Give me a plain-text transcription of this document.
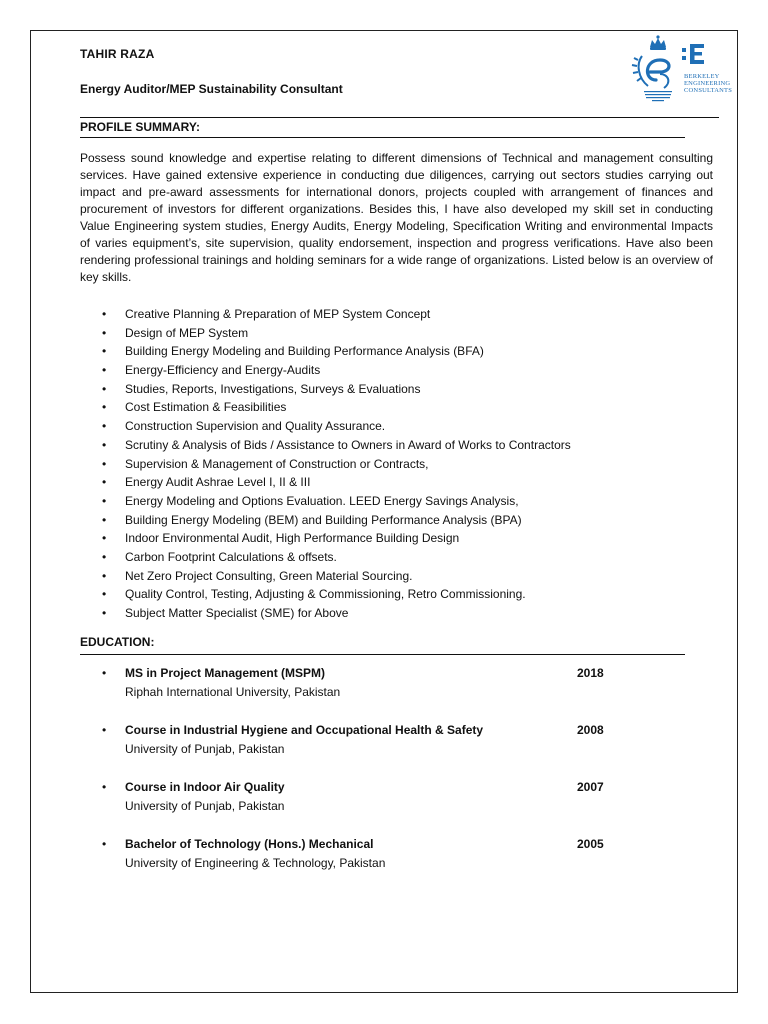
TAHIR RAZA
Energy Auditor/MEP Sustainability Consultant
BERKELEY
ENGINEERING
CONSULTANTS
PROFILE SUMMARY:
Possess sound knowledge and expertise relating to different dimensions of Technical and management consulting services. Have gained extensive experience in conducting due diligences, carrying out sectors studies carrying out impact and pre-award assessments for international donors, projects coupled with arrangement of finances and procurement of investors for different organizations. Besides this, I have also developed my skill set in conducting Value Engineering system studies, Energy Audits, Energy Modeling, Specification Writing and environmental Impacts of varies equipment’s, site supervision, quality endorsement, inspection and progress verifications. Have also been rendering professional trainings and holding seminars for a wide range of organizations. Listed below is an overview of key skills.
• Creative Planning & Preparation of MEP System Concept
• Design of MEP System
• Building Energy Modeling and Building Performance Analysis (BFA)
• Energy-Efficiency and Energy-Audits
• Studies, Reports, Investigations, Surveys & Evaluations
• Cost Estimation & Feasibilities
• Construction Supervision and Quality Assurance.
• Scrutiny & Analysis of Bids / Assistance to Owners in Award of Works to Contractors
• Supervision & Management of Construction or Contracts,
• Energy Audit Ashrae Level I, II & III
• Energy Modeling and Options Evaluation. LEED Energy Savings Analysis,
• Building Energy Modeling (BEM) and Building Performance Analysis (BPA)
• Indoor Environmental Audit, High Performance Building Design
• Carbon Footprint Calculations & offsets.
• Net Zero Project Consulting, Green Material Sourcing.
• Quality Control, Testing, Adjusting & Commissioning, Retro Commissioning.
• Subject Matter Specialist (SME) for Above
EDUCATION:
• MS in Project Management (MSPM)	2018
Riphah International University, Pakistan
• Course in Industrial Hygiene and Occupational Health & Safety	2008
University of Punjab, Pakistan
• Course in Indoor Air Quality	2007
University of Punjab, Pakistan
• Bachelor of Technology (Hons.) Mechanical	2005
University of Engineering & Technology, Pakistan
